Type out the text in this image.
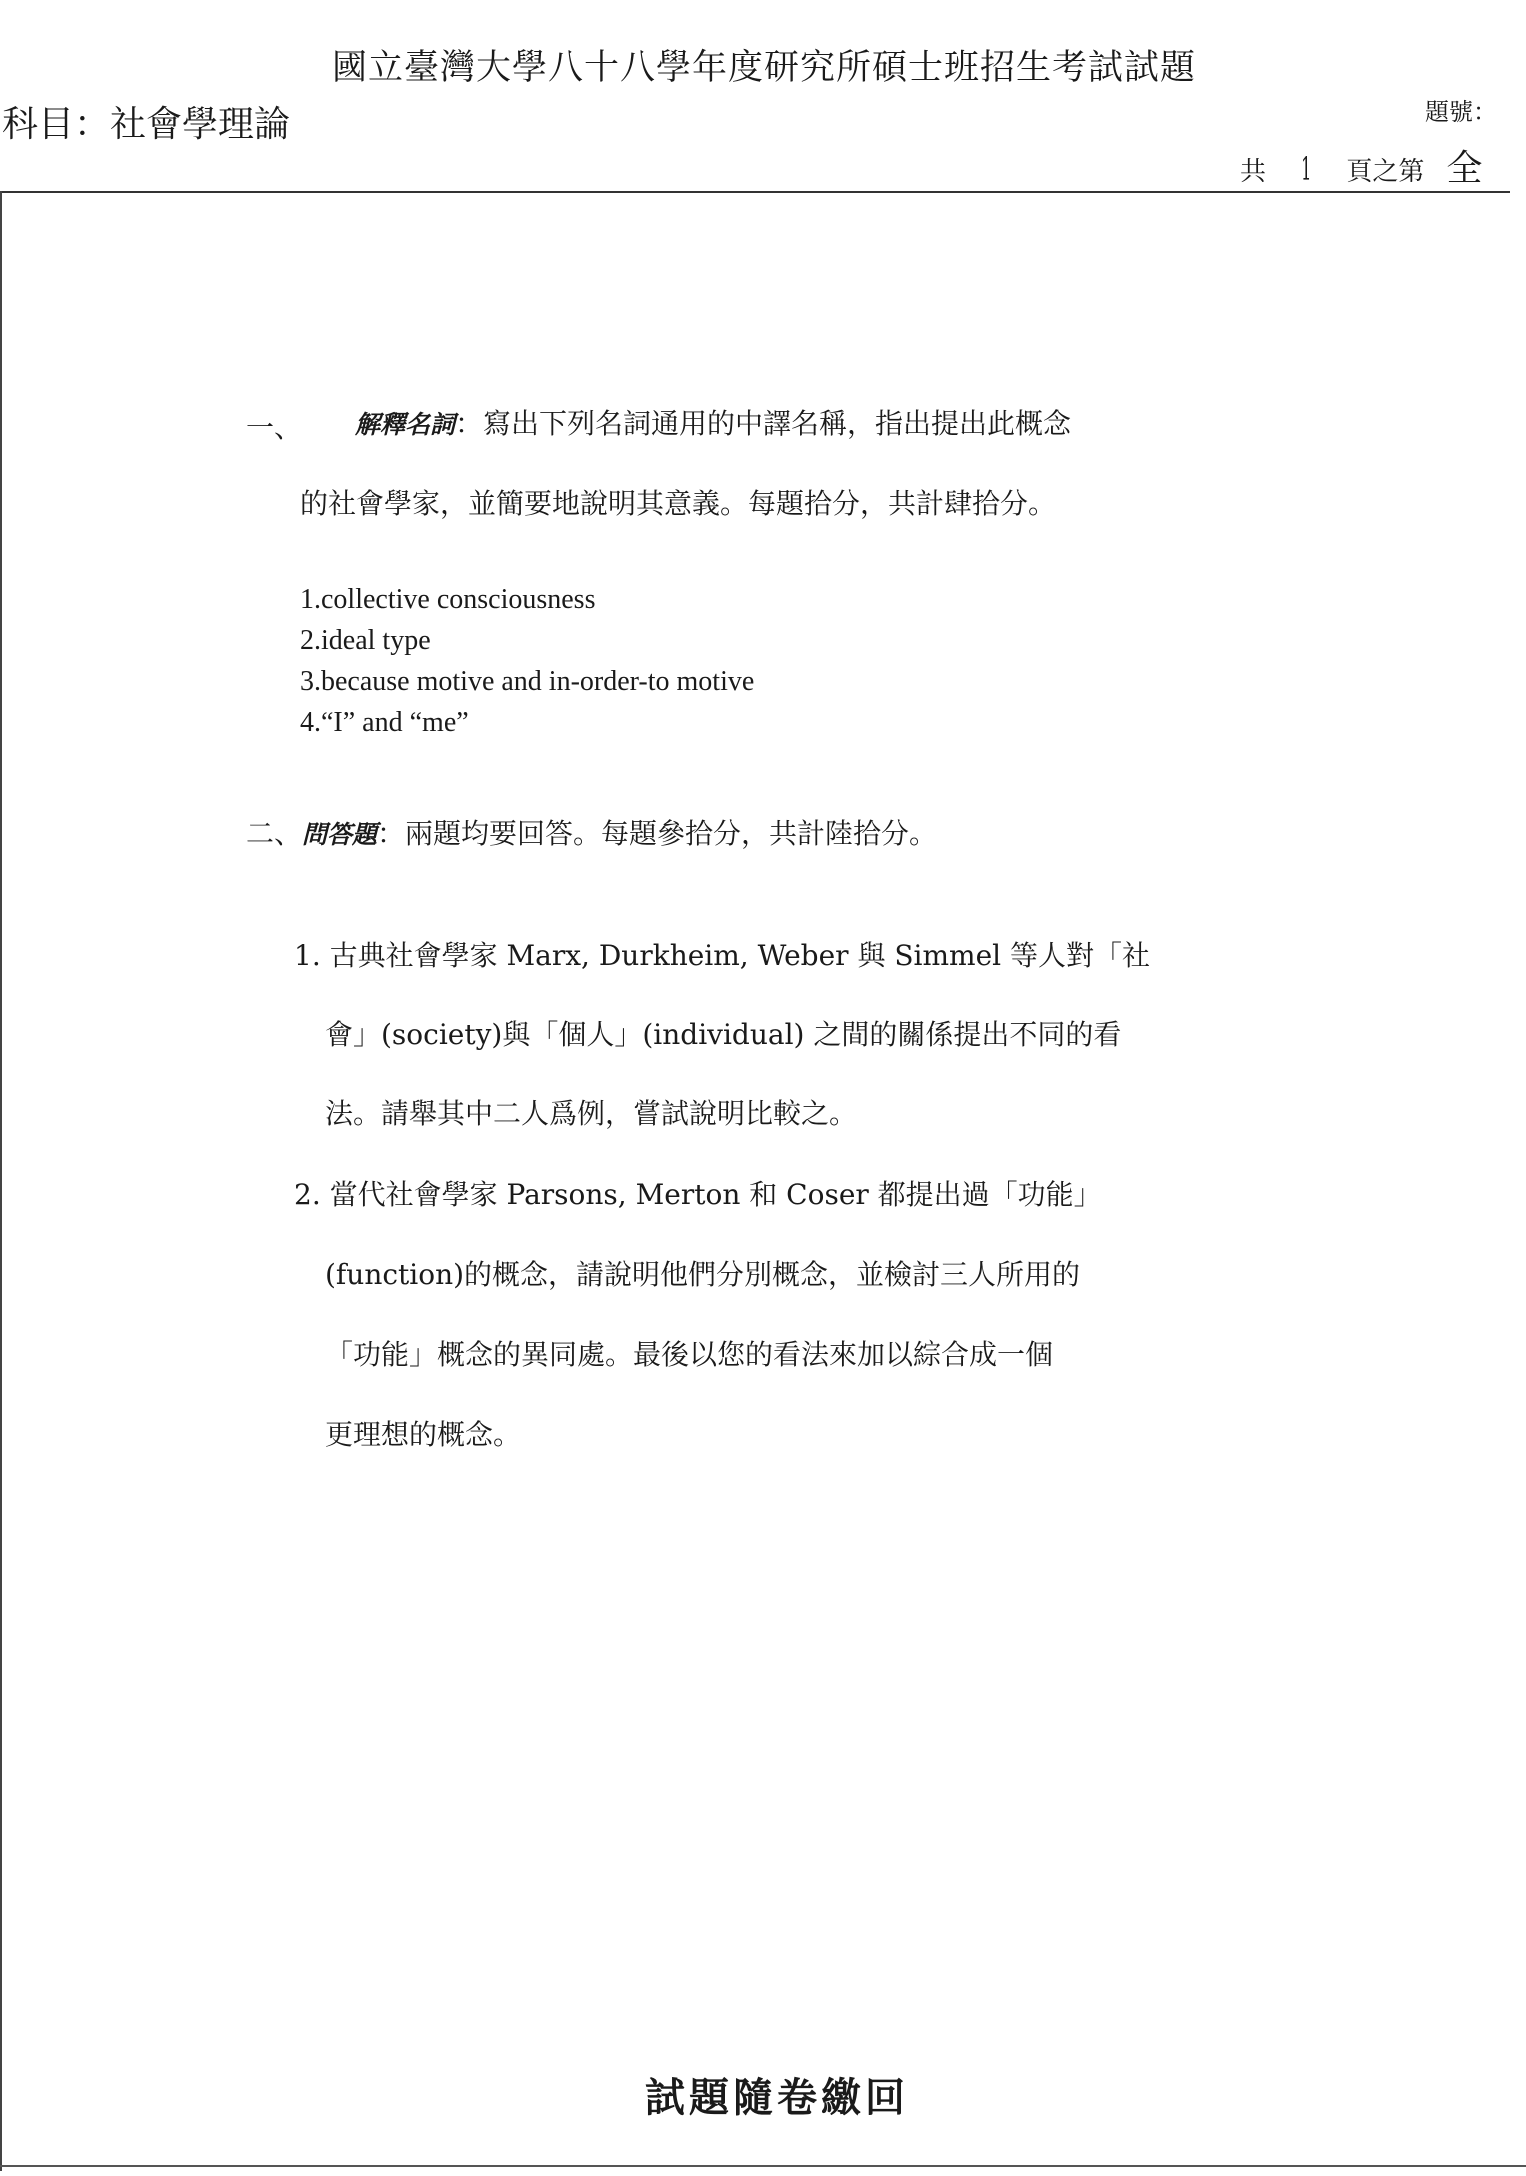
國立臺灣大學八十八學年度研究所碩士班招生考試試題
科目：社會學理論	題號：
共 1 頁之第 全
一、 解釋名詞：寫出下列名詞通用的中譯名稱，指出提出此概念
的社會學家，並簡要地說明其意義。每題拾分，共計肆拾分。
1.collective consciousness
2.ideal type
3.because motive and in-order-to motive
4.“I” and “me”
二、問答題：兩題均要回答。每題參拾分，共計陸拾分。
1. 古典社會學家 Marx, Durkheim, Weber 與 Simmel 等人對「社
會」(society)與「個人」(individual) 之間的關係提出不同的看
法。請舉其中二人爲例，嘗試說明比較之。
2. 當代社會學家 Parsons, Merton 和 Coser 都提出過「功能」
(function)的概念，請說明他們分別概念，並檢討三人所用的
「功能」概念的異同處。最後以您的看法來加以綜合成一個
更理想的概念。
試題隨卷繳回
